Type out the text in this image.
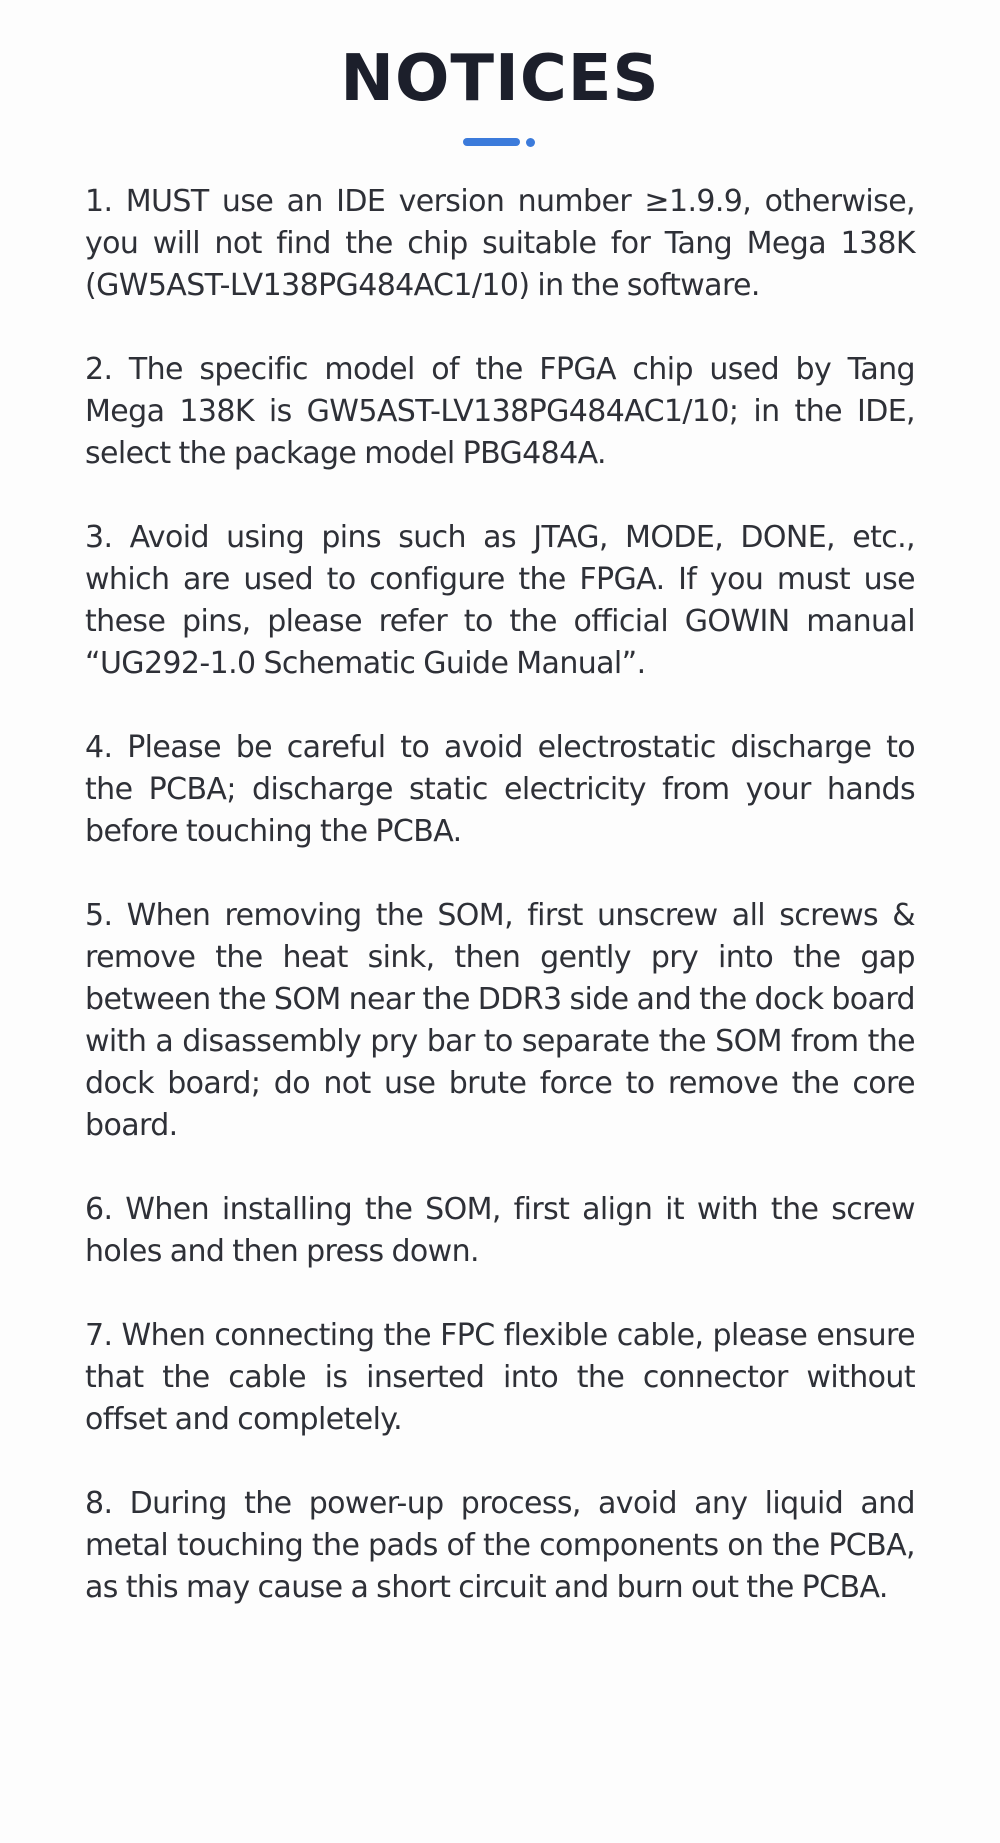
NOTICES
1. MUST use an IDE version number ≥1.9.9, otherwise, you will not find the chip suitable for Tang Mega 138K (GW5AST-LV138PG484AC1/10) in the software.
2. The specific model of the FPGA chip used by Tang Mega 138K is GW5AST-LV138PG484AC1/10; in the IDE, select the package model PBG484A.
3. Avoid using pins such as JTAG, MODE, DONE, etc., which are used to configure the FPGA. If you must use these pins, please refer to the official GOWIN manual “UG292-1.0 Schematic Guide Manual”.
4. Please be careful to avoid electrostatic discharge to the PCBA; discharge static electricity from your hands before touching the PCBA.
5. When removing the SOM, first unscrew all screws & remove the heat sink, then gently pry into the gap between the SOM near the DDR3 side and the dock board with a disassembly pry bar to separate the SOM from the dock board; do not use brute force to remove the core board.
6. When installing the SOM, first align it with the screw holes and then press down.
7. When connecting the FPC flexible cable, please ensure that the cable is inserted into the connector without offset and completely.
8. During the power-up process, avoid any liquid and metal touching the pads of the components on the PCBA, as this may cause a short circuit and burn out the PCBA.
